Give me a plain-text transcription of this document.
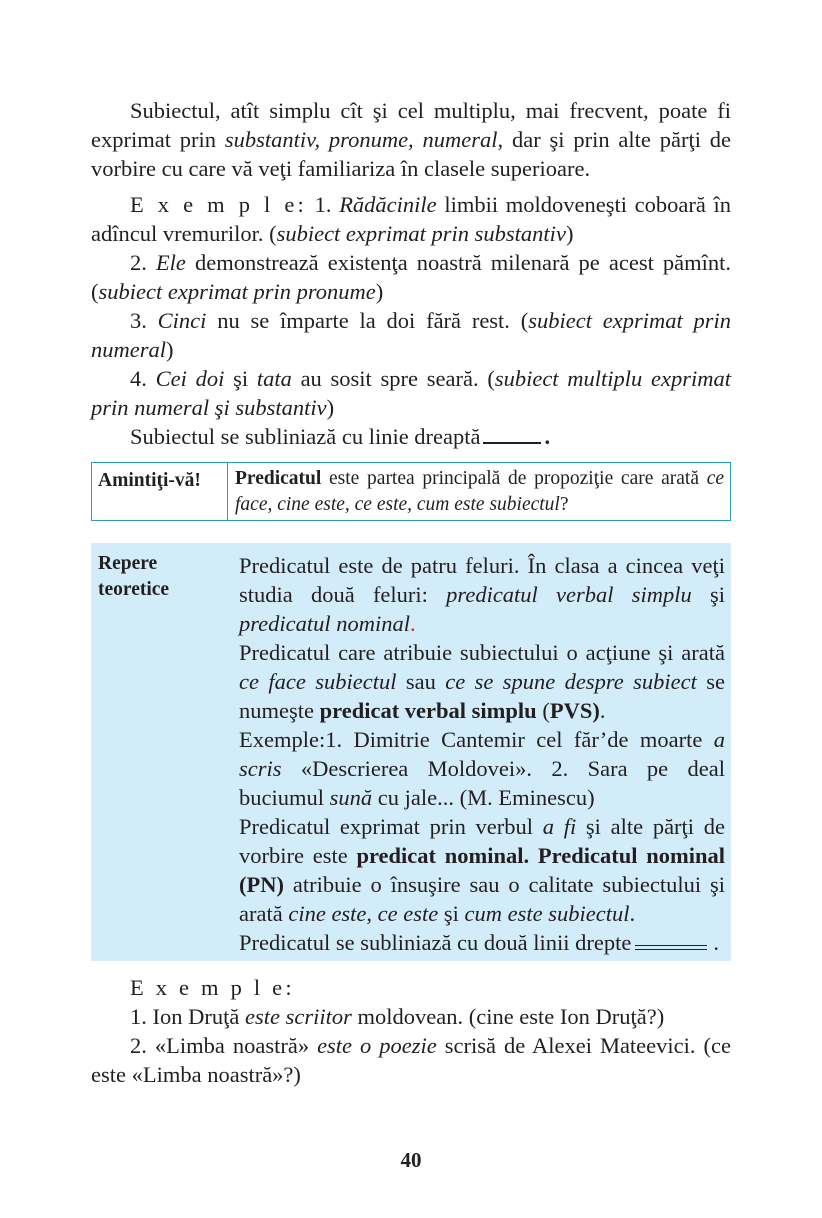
Subiectul, atît simplu cît şi cel multiplu, mai frecvent, poate fi exprimat prin substantiv, pronume, numeral, dar şi prin alte părţi de vorbire cu care vă veţi familiariza în clasele superioare.

E x e m p l e: 1. Rădăcinile limbii moldoveneşti coboară în adîncul vremurilor. (subiect exprimat prin substantiv)

2. Ele demonstrează existenţa noastră milenară pe acest pămînt. (subiect exprimat prin pronume)

3. Cinci nu se împarte la doi fără rest. (subiect exprimat prin numeral)

4. Cei doi şi tata au sosit spre seară. (subiect multiplu exprimat prin numeral şi substantiv)

Subiectul se subliniază cu linie dreaptă	.

Amintiţi-vă!	Predicatul este partea principală de propoziţie care arată ce face, cine este, ce este, cum este subiectul?
Repere
teoretice

Predicatul este de patru feluri. În clasa a cincea veţi studia două feluri: predicatul verbal simplu şi predicatul nominal.

Predicatul care atribuie subiectului o acţiune şi arată ce face subiectul sau ce se spune despre subiect se numeşte predicat verbal simplu (PVS).

Exemple:1. Dimitrie Cantemir cel făr’de moarte a scris «Descrierea Moldovei». 2. Sara pe deal buciumul sună cu jale... (M. Eminescu)

Predicatul exprimat prin verbul a fi şi alte părţi de vorbire este predicat nominal. Predicatul nominal (PN) atribuie o însuşire sau o calitate subiectului şi arată cine este, ce este şi cum este subiectul.

Predicatul se subliniază cu două linii drepte	.

E x e m p l e:

1. Ion Druţă este scriitor moldovean. (cine este Ion Druţă?)

2. «Limba noastră» este o poezie scrisă de Alexei Mateevici. (ce este «Limba noastră»?)

40
